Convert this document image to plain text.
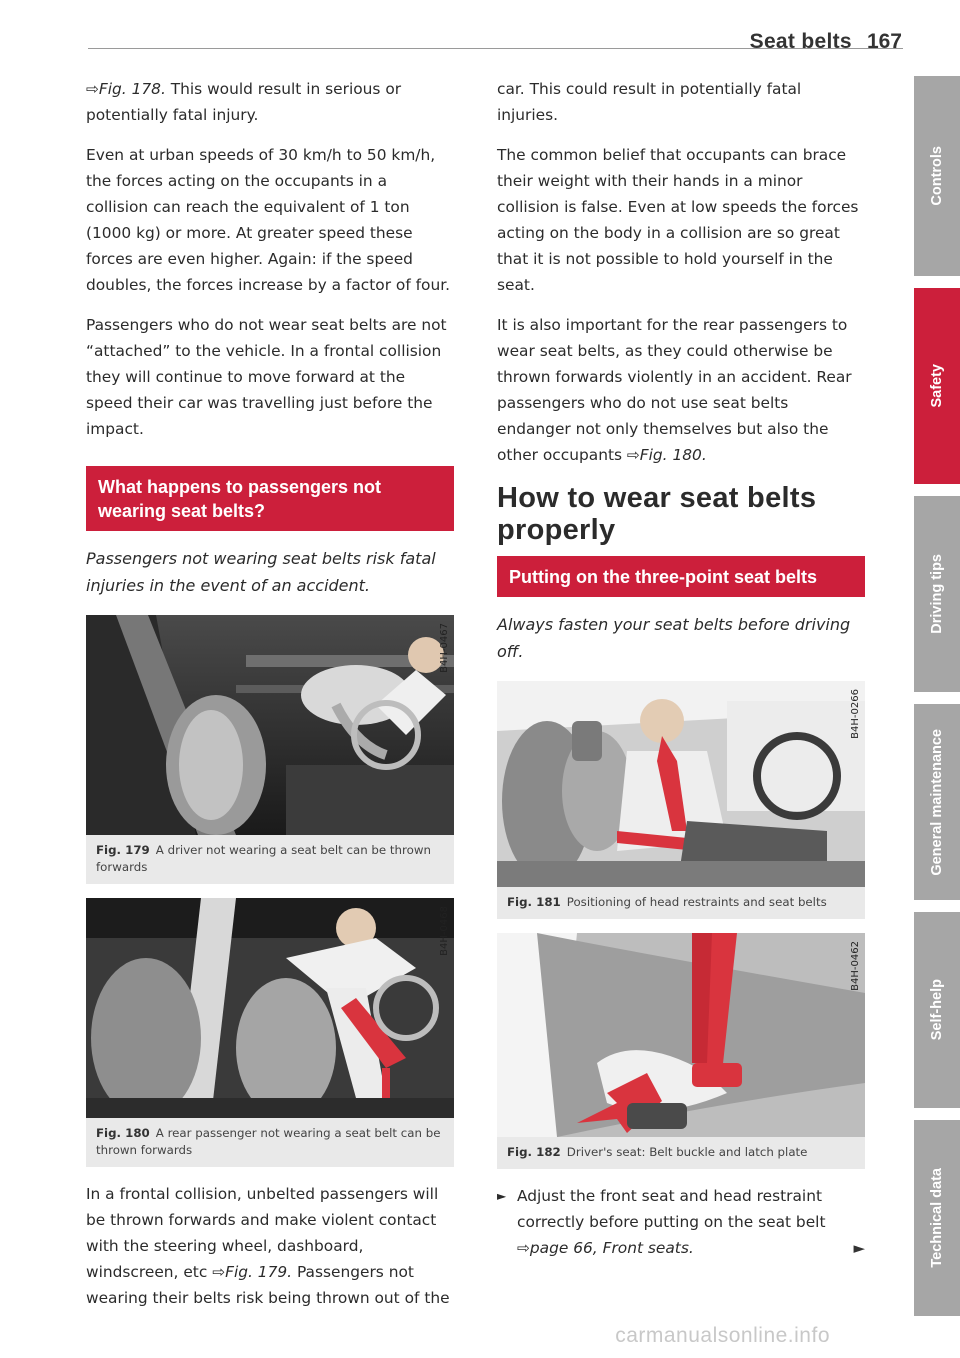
Seat belts 167

⇨Fig. 178. This would result in serious or potentially fatal injury.

Even at urban speeds of 30 km/h to 50 km/h, the forces acting on the occupants in a collision can reach the equivalent of 1 ton (1000 kg) or more. At greater speed these forces are even higher. Again: if the speed doubles, the forces increase by a factor of four.

Passengers who do not wear seat belts are not “attached” to the vehicle. In a frontal collision they will continue to move forward at the speed their car was travelling just before the impact.

What happens to passengers not wearing seat belts?

Passengers not wearing seat belts risk fatal injuries in the event of an accident.

B4H-0467
Fig. 179 A driver not wearing a seat belt can be thrown forwards
B4H-0468
Fig. 180 A rear passenger not wearing a seat belt can be thrown forwards

In a frontal collision, unbelted passengers will be thrown forwards and make violent contact with the steering wheel, dashboard, windscreen, etc ⇨Fig. 179. Passengers not wearing their belts risk being thrown out of the

car. This could result in potentially fatal injuries.

The common belief that occupants can brace their weight with their hands in a minor collision is false. Even at low speeds the forces acting on the body in a collision are so great that it is not possible to hold yourself in the seat.

It is also important for the rear passengers to wear seat belts, as they could otherwise be thrown forwards violently in an accident. Rear passengers who do not use seat belts endanger not only themselves but also the other occupants ⇨Fig. 180.

How to wear seat belts properly
Putting on the three-point seat belts

Always fasten your seat belts before driving off.

B4H-0266
Fig. 181 Positioning of head restraints and seat belts
B4H-0462
Fig. 182 Driver's seat: Belt buckle and latch plate
► Adjust the front seat and head restraint correctly before putting on the seat belt ⇨page 66, Front seats.	►
Controls
Safety
Driving tips
General maintenance
Self-help
Technical data
carmanualsonline.info
